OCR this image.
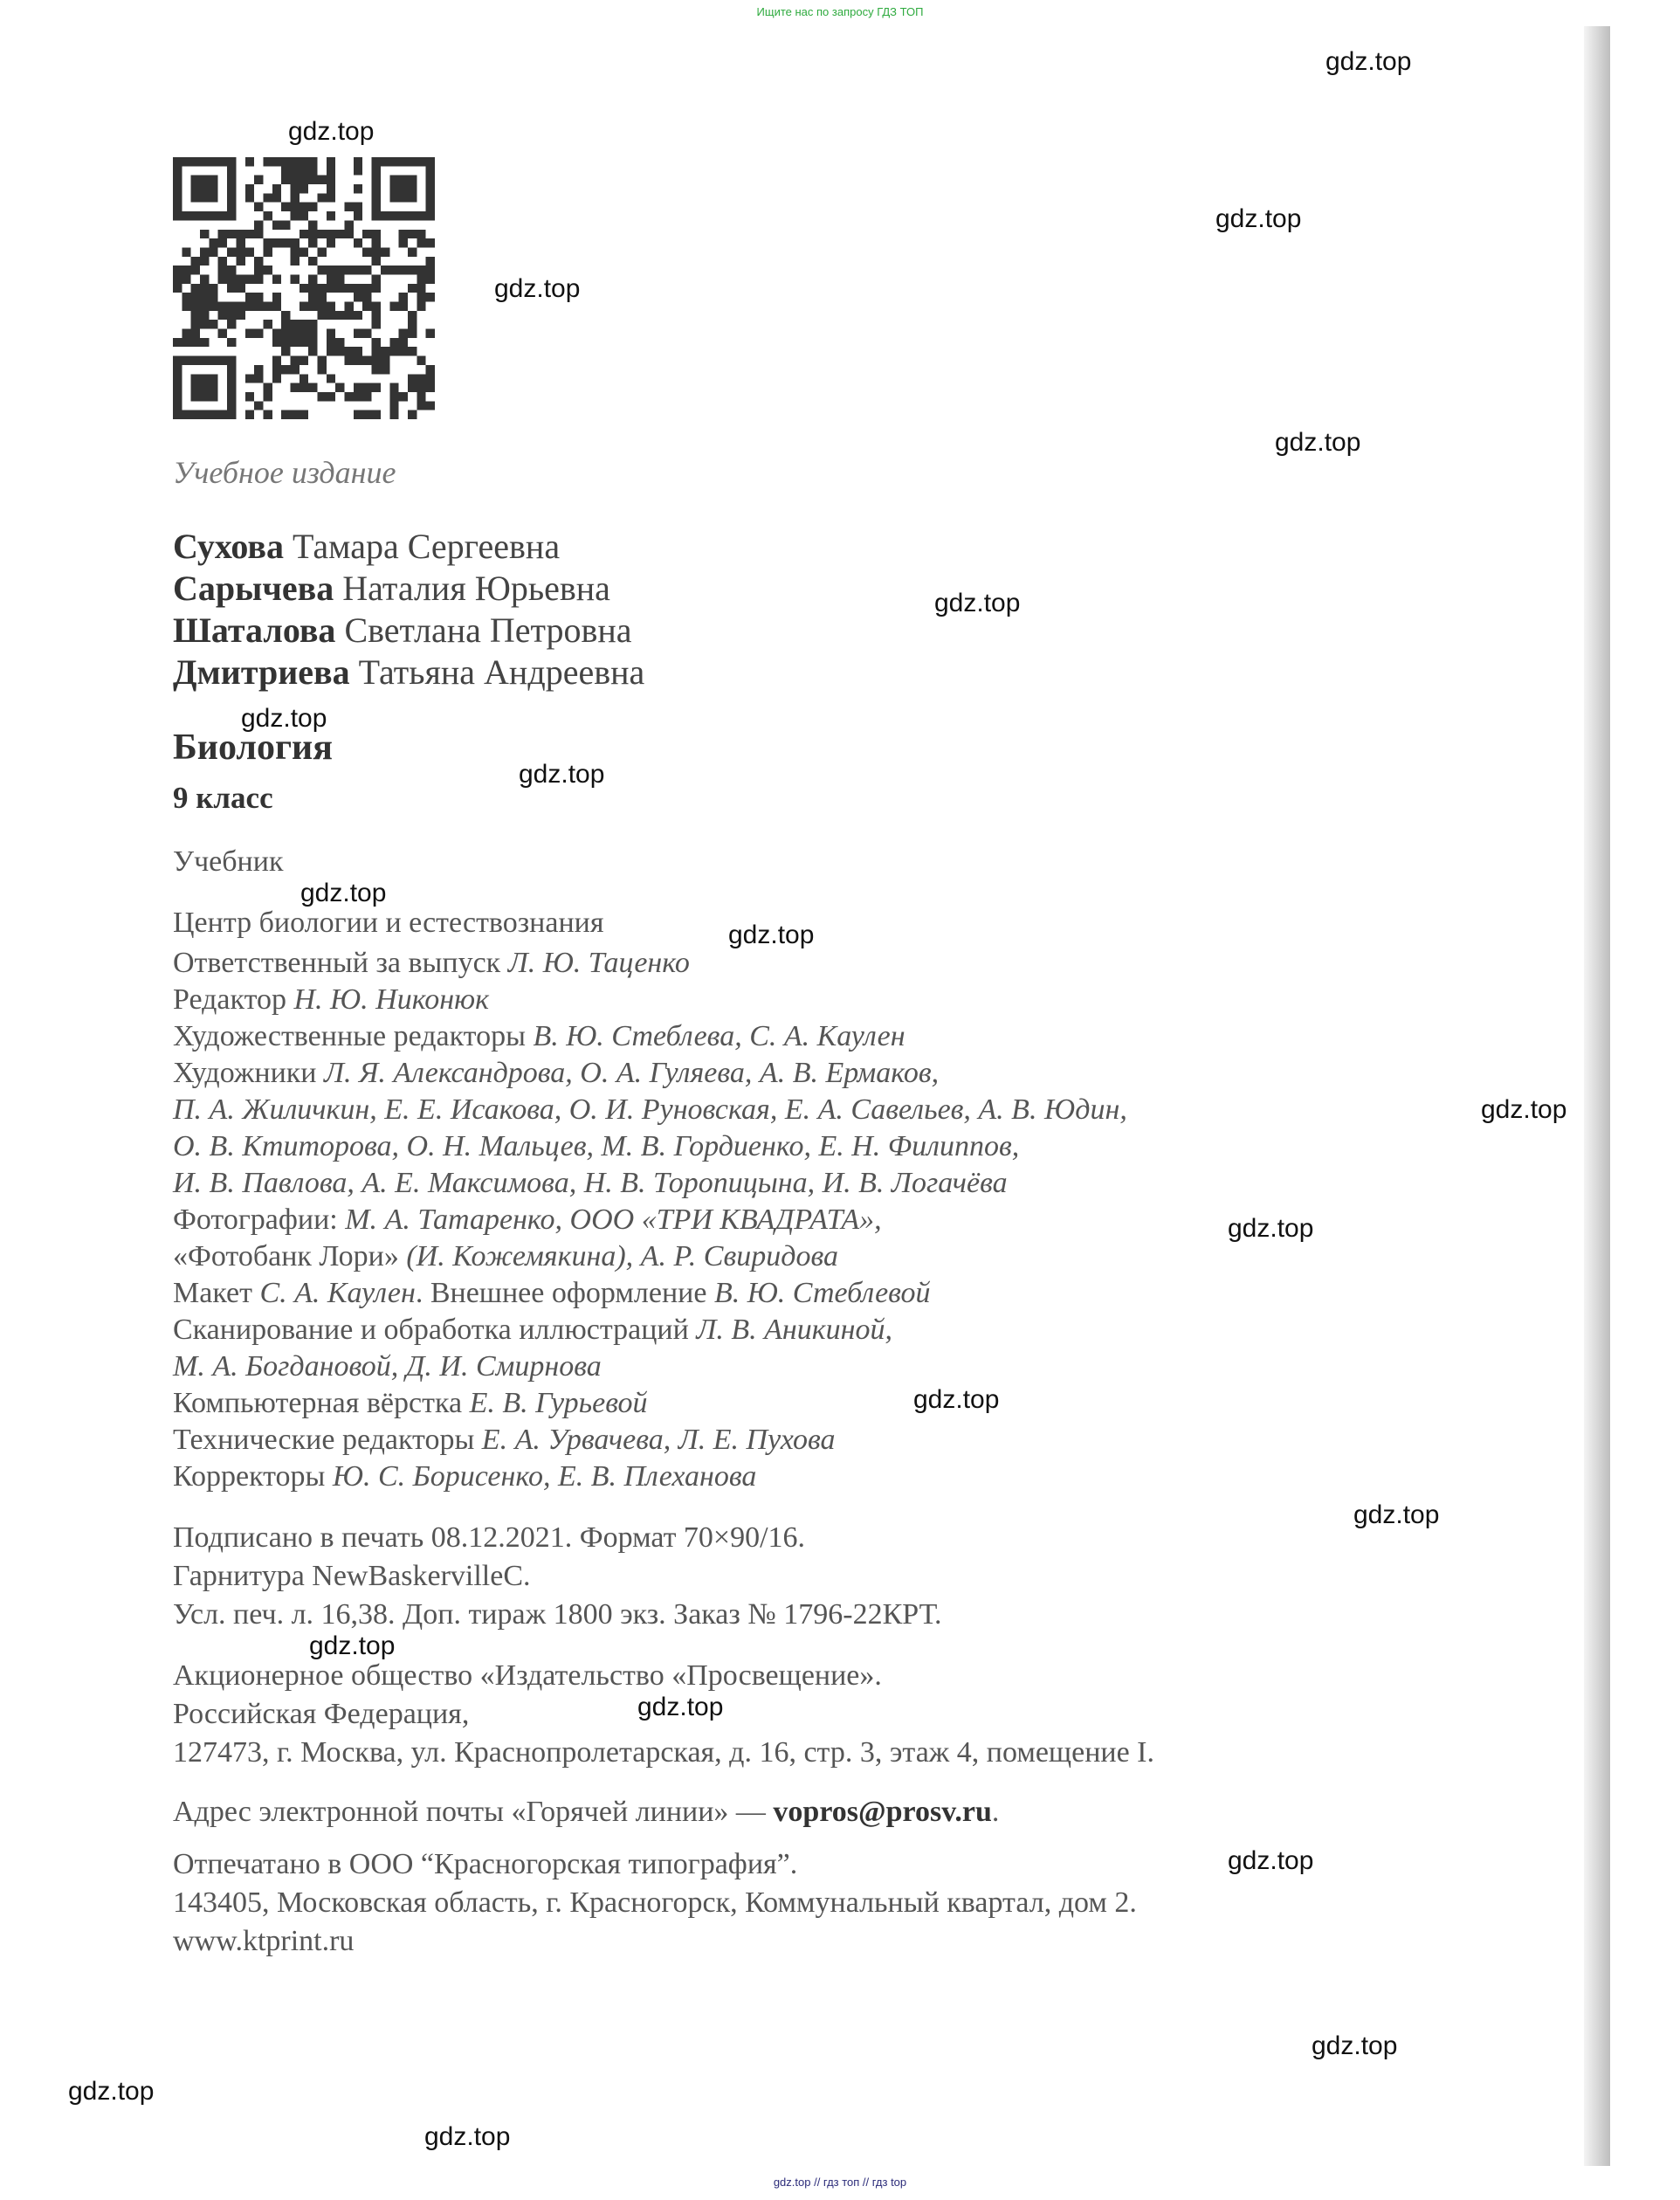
Ищите нас по запросу ГДЗ ТОП
Учебное издание
Сухова Тамара Сергеевна
Сарычева Наталия Юрьевна
Шаталова Светлана Петровна
Дмитриева Татьяна Андреевна
Биология
9 класс
Учебник
Центр биологии и естествознания
Ответственный за выпуск Л. Ю. Таценко
Редактор Н. Ю. Никонюк
Художественные редакторы В. Ю. Стеблева, С. А. Каулен
Художники Л. Я. Александрова, О. А. Гуляева, А. В. Ермаков,
П. А. Жиличкин, Е. Е. Исакова, О. И. Руновская, Е. А. Савельев, А. В. Юдин,
О. В. Ктиторова, О. Н. Мальцев, М. В. Гордиенко, Е. Н. Филиппов,
И. В. Павлова, А. Е. Максимова, Н. В. Торопицына, И. В. Логачёва
Фотографии: М. А. Татаренко, ООО «ТРИ КВАДРАТА»,
«Фотобанк Лори» (И. Кожемякина), А. Р. Свиридова
Макет С. А. Каулен. Внешнее оформление В. Ю. Стеблевой
Сканирование и обработка иллюстраций Л. В. Аникиной,
М. А. Богдановой, Д. И. Смирнова
Компьютерная вёрстка Е. В. Гурьевой
Технические редакторы Е. А. Урвачева, Л. Е. Пухова
Корректоры Ю. С. Борисенко, Е. В. Плеханова
Подписано в печать 08.12.2021. Формат 70×90/16.
Гарнитура NewBaskervilleC.
Усл. печ. л. 16,38. Доп. тираж 1800 экз. Заказ № 1796-22КРТ.
Акционерное общество «Издательство «Просвещение».
Российская Федерация,
127473, г. Москва, ул. Краснопролетарская, д. 16, стр. 3, этаж 4, помещение I.
Адрес электронной почты «Горячей линии» — vopros@prosv.ru.
Отпечатано в ООО “Красногорская типография”.
143405, Московская область, г. Красногорск, Коммунальный квартал, дом 2.
www.ktprint.ru
gdz.top
gdz.top
gdz.top
gdz.top
gdz.top
gdz.top
gdz.top
gdz.top
gdz.top
gdz.top
gdz.top
gdz.top
gdz.top
gdz.top
gdz.top
gdz.top
gdz.top
gdz.top
gdz.top
gdz.top
gdz.top // гдз топ // гдз top
